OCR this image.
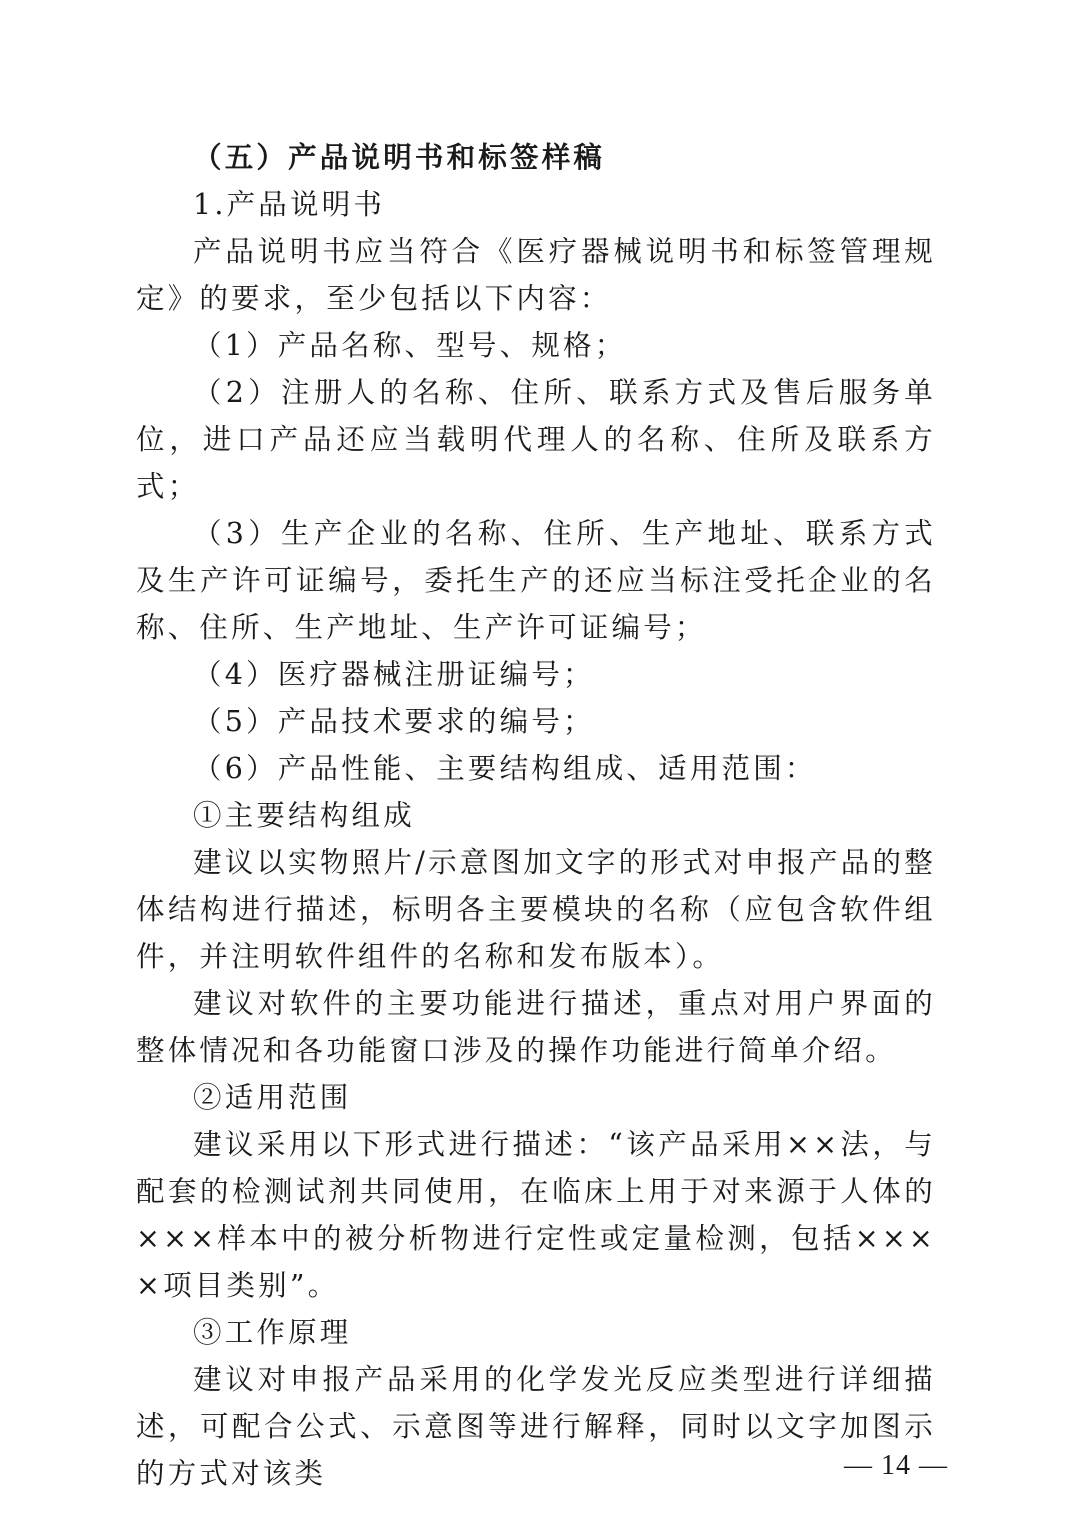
（五）产品说明书和标签样稿

1.产品说明书

产品说明书应当符合《医疗器械说明书和标签管理规定》的要求，至少包括以下内容：

（1）产品名称、型号、规格；

（2）注册人的名称、住所、联系方式及售后服务单位，进口产品还应当载明代理人的名称、住所及联系方式；

（3）生产企业的名称、住所、生产地址、联系方式及生产许可证编号，委托生产的还应当标注受托企业的名称、住所、生产地址、生产许可证编号；

（4）医疗器械注册证编号；

（5）产品技术要求的编号；

（6）产品性能、主要结构组成、适用范围：

①主要结构组成

建议以实物照片/示意图加文字的形式对申报产品的整体结构进行描述，标明各主要模块的名称（应包含软件组件，并注明软件组件的名称和发布版本）。

建议对软件的主要功能进行描述，重点对用户界面的整体情况和各功能窗口涉及的操作功能进行简单介绍。

②适用范围

建议采用以下形式进行描述：“该产品采用××法，与配套的检测试剂共同使用，在临床上用于对来源于人体的×××样本中的被分析物进行定性或定量检测，包括××××项目类别”。

③工作原理

建议对申报产品采用的化学发光反应类型进行详细描述，可配合公式、示意图等进行解释，同时以文字加图示的方式对该类	— 14 —
